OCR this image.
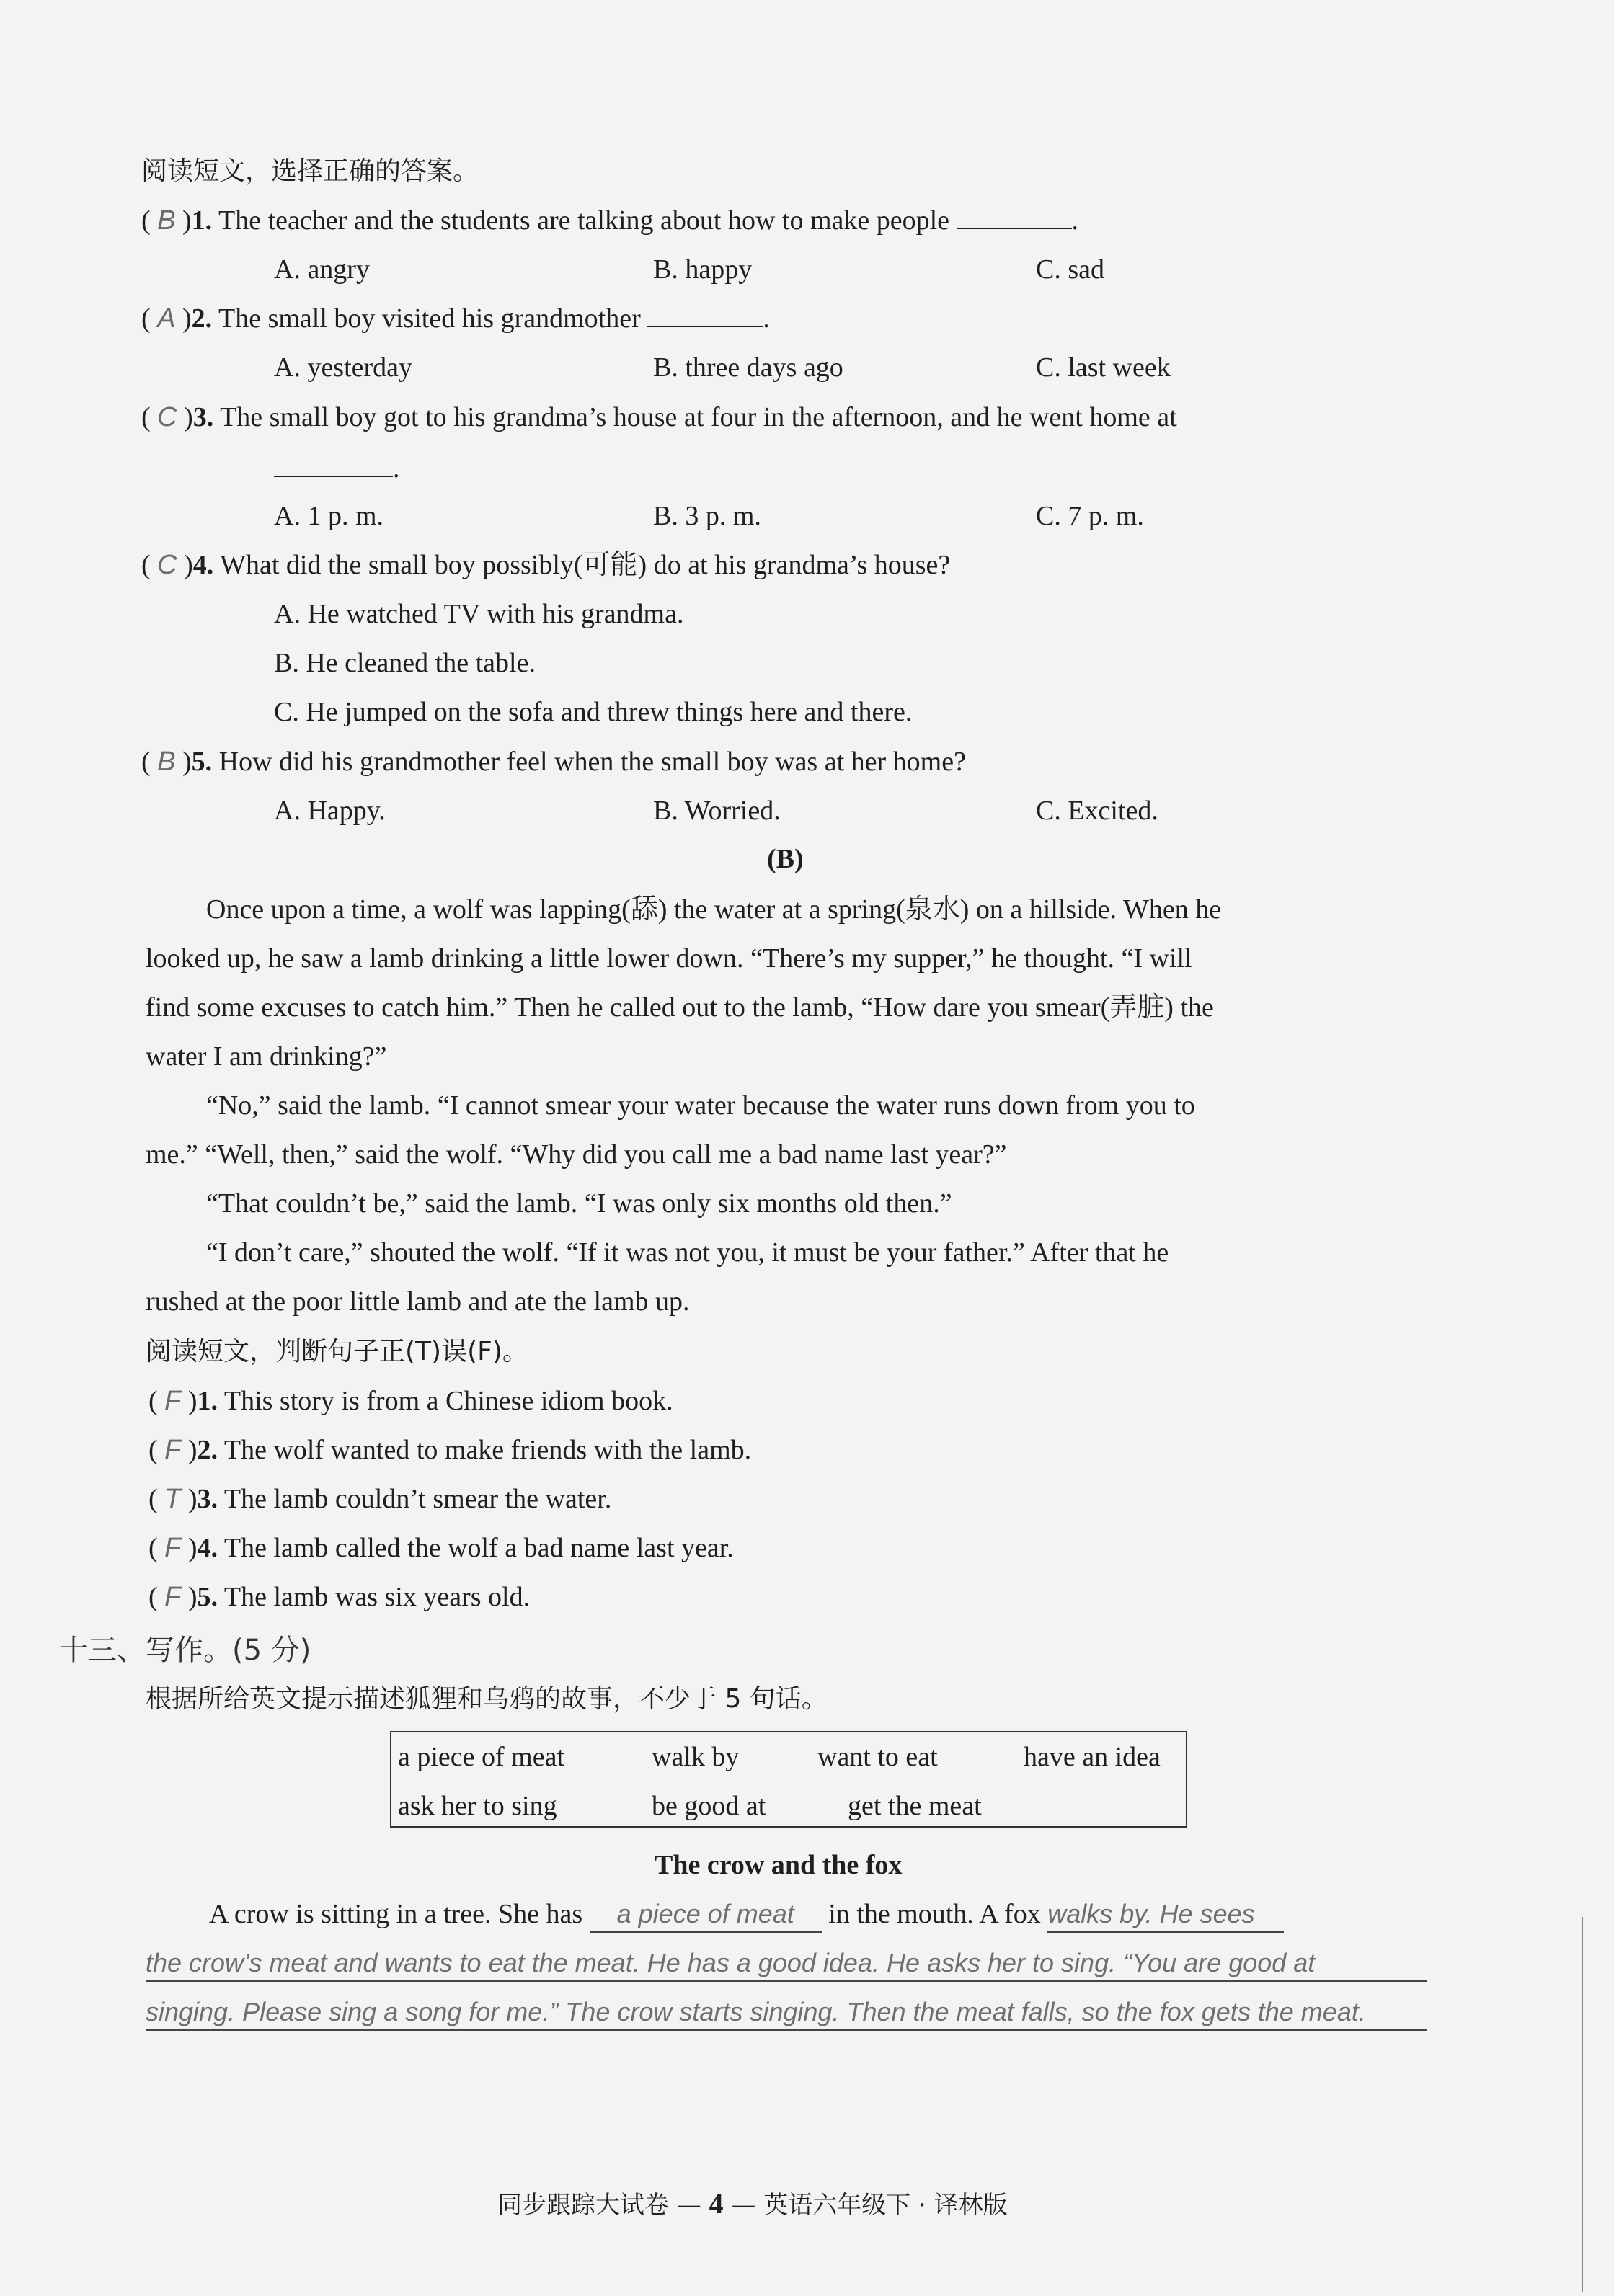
阅读短文，选择正确的答案。
( B )1. The teacher and the students are talking about how to make people	.
A. angry	B. happy	C. sad
( A )2. The small boy visited his grandmother	.
A. yesterday	B. three days ago	C. last week
( C )3. The small boy got to his grandma’s house at four in the afternoon, and he went home at
.
A. 1 p. m.	B. 3 p. m.	C. 7 p. m.
( C )4. What did the small boy possibly(可能) do at his grandma’s house?
A. He watched TV with his grandma.
B. He cleaned the table.
C. He jumped on the sofa and threw things here and there.
( B )5. How did his grandmother feel when the small boy was at her home?
A. Happy.	B. Worried.	C. Excited.
(B)
Once upon a time, a wolf was lapping(舔) the water at a spring(泉水) on a hillside. When he
looked up, he saw a lamb drinking a little lower down. “There’s my supper,” he thought. “I will
find some excuses to catch him.” Then he called out to the lamb, “How dare you smear(弄脏) the
water I am drinking?”
“No,” said the lamb. “I cannot smear your water because the water runs down from you to
me.” “Well, then,” said the wolf. “Why did you call me a bad name last year?”
“That couldn’t be,” said the lamb. “I was only six months old then.”
“I don’t care,” shouted the wolf. “If it was not you, it must be your father.” After that he
rushed at the poor little lamb and ate the lamb up.
阅读短文，判断句子正(T)误(F)。
( F )1. This story is from a Chinese idiom book.
( F )2. The wolf wanted to make friends with the lamb.
( T )3. The lamb couldn’t smear the water.
( F )4. The lamb called the wolf a bad name last year.
( F )5. The lamb was six years old.
十三、写作。(5 分)
根据所给英文提示描述狐狸和乌鸦的故事，不少于 5 句话。
a piece of meat	walk by	want to eat	have an idea
ask her to sing	be good at	get the meat
The crow and the fox
A crow is sitting in a tree. She has a piece of meat in the mouth. A fox walks by. He sees
the crow’s meat and wants to eat the meat. He has a good idea. He asks her to sing. “You are good at
singing. Please sing a song for me.” The crow starts singing. Then the meat falls, so the fox gets the meat.
同步跟踪大试卷 — 4 — 英语六年级下 · 译林版
